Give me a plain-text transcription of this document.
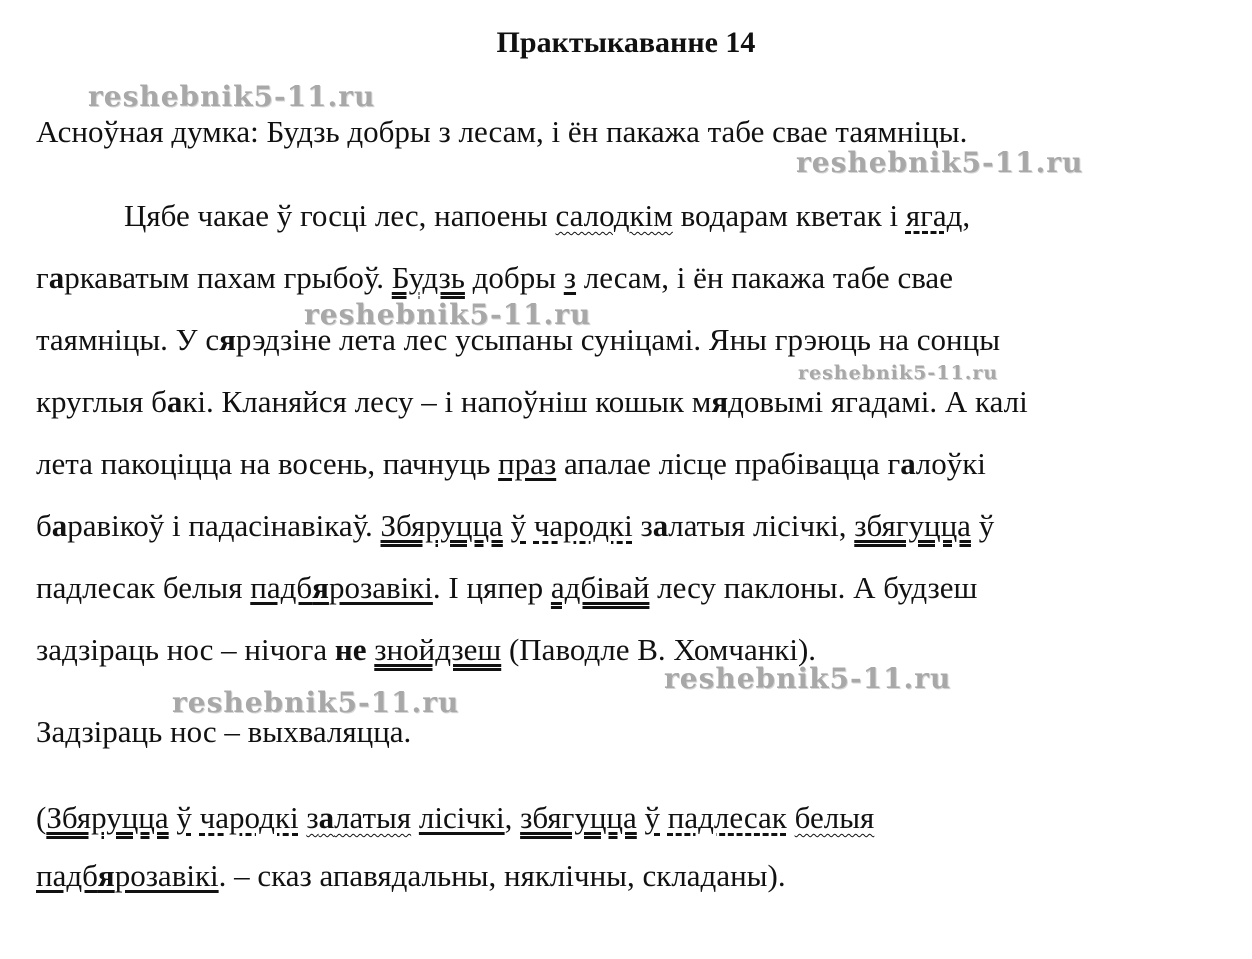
Практыкаванне 14
reshebnik5-11.ru
reshebnik5-11.ru
reshebnik5-11.ru
reshebnik5-11.ru
reshebnik5-11.ru
reshebnik5-11.ru
Асноўная думка: Будзь добры з лесам, і ён пакажа табе свае таямніцы.
Цябе чакае ў госці лес, напоены салодкім водарам кветак і ягад,
гаркаватым пахам грыбоў. Будзь добры з лесам, і ён пакажа табе свае
таямніцы. У сярэдзіне лета лес усыпаны суніцамі. Яны грэюць на сонцы
круглыя бакі. Кланяйся лесу – і напоўніш кошык мядовымі ягадамі. А калі
лета пакоціцца на восень, пачнуць праз апалае лісце прабівацца галоўкі
баравікоў і падасінавікаў. Збяруцца ў чародкі залатыя лісічкі, збягуцца ў
падлесак белыя падбярозавікі. І цяпер адбівай лесу паклоны. А будзеш
задзіраць нос – нічога не знойдзеш (Паводле В. Хомчанкі).
Задзіраць нос – выхваляцца.
(Збяруцца ў чародкі залатыя лісічкі, збягуцца ў падлесак белыя
падбярозавікі. – сказ апавядальны, няклічны, складаны).
